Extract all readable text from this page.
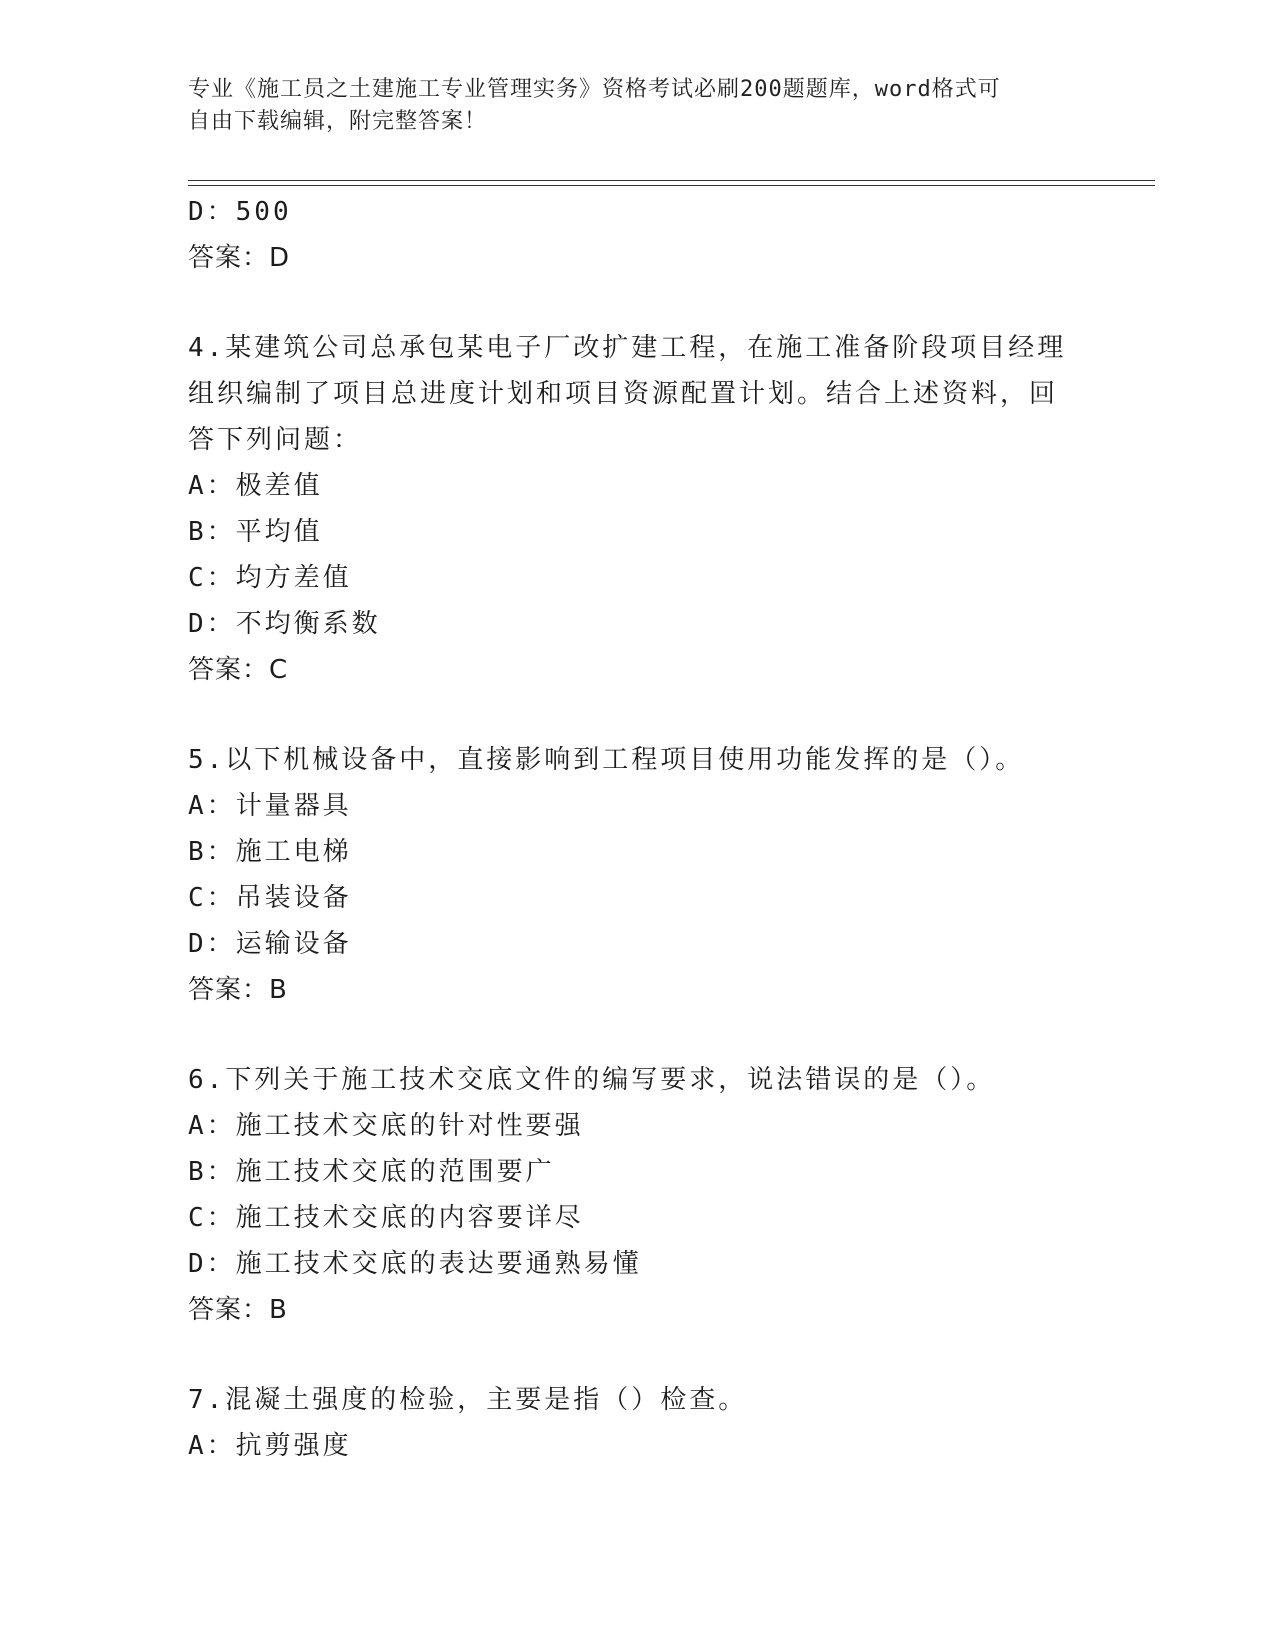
专业《施工员之土建施工专业管理实务》资格考试必刷200题题库，word格式可
自由下载编辑，附完整答案！
D：500
答案：D
4.某建筑公司总承包某电子厂改扩建工程，在施工准备阶段项目经理
组织编制了项目总进度计划和项目资源配置计划。结合上述资料，回
答下列问题：
A：极差值
B：平均值
C：均方差值
D：不均衡系数
答案：C
5.以下机械设备中，直接影响到工程项目使用功能发挥的是（）。
A：计量器具
B：施工电梯
C：吊装设备
D：运输设备
答案：B
6.下列关于施工技术交底文件的编写要求，说法错误的是（）。
A：施工技术交底的针对性要强
B：施工技术交底的范围要广
C：施工技术交底的内容要详尽
D：施工技术交底的表达要通熟易懂
答案：B
7.混凝土强度的检验，主要是指（）检查。
A：抗剪强度
